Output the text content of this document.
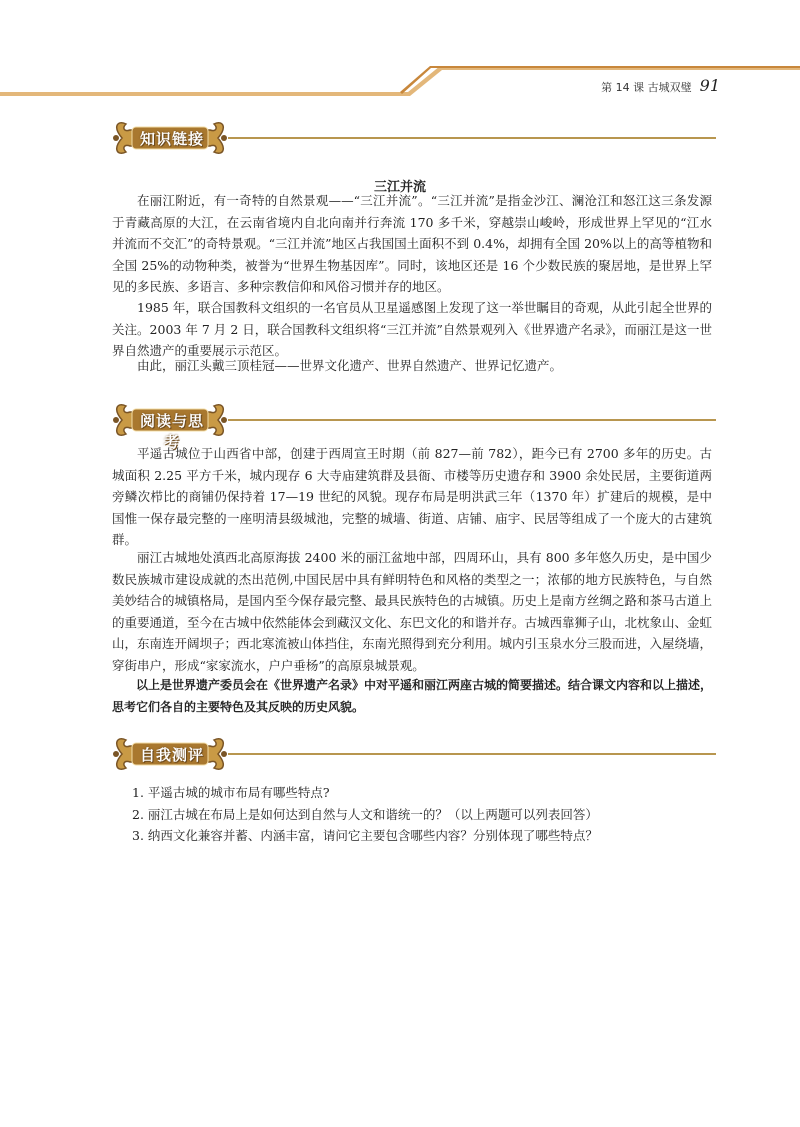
第 14 课 古城双璧 91
知识链接
三江并流

在丽江附近，有一奇特的自然景观——“三江并流”。“三江并流”是指金沙江、澜沧江和怒江这三条发源于青藏高原的大江，在云南省境内自北向南并行奔流 170 多千米，穿越崇山峻岭，形成世界上罕见的“江水并流而不交汇”的奇特景观。“三江并流”地区占我国国土面积不到 0.4%，却拥有全国 20%以上的高等植物和全国 25%的动物种类，被誉为“世界生物基因库”。同时，该地区还是 16 个少数民族的聚居地，是世界上罕见的多民族、多语言、多种宗教信仰和风俗习惯并存的地区。

1985 年，联合国教科文组织的一名官员从卫星遥感图上发现了这一举世瞩目的奇观，从此引起全世界的关注。2003 年 7 月 2 日，联合国教科文组织将“三江并流”自然景观列入《世界遗产名录》，而丽江是这一世界自然遗产的重要展示示范区。

由此，丽江头戴三顶桂冠——世界文化遗产、世界自然遗产、世界记忆遗产。

阅读与思考

平遥古城位于山西省中部，创建于西周宣王时期（前 827—前 782），距今已有 2700 多年的历史。古城面积 2.25 平方千米，城内现存 6 大寺庙建筑群及县衙、市楼等历史遗存和 3900 余处民居，主要街道两旁鳞次栉比的商铺仍保持着 17—19 世纪的风貌。现存布局是明洪武三年（1370 年）扩建后的规模，是中国惟一保存最完整的一座明清县级城池，完整的城墙、街道、店铺、庙宇、民居等组成了一个庞大的古建筑群。

丽江古城地处滇西北高原海拔 2400 米的丽江盆地中部，四周环山，具有 800 多年悠久历史，是中国少数民族城市建设成就的杰出范例,中国民居中具有鲜明特色和风格的类型之一；浓郁的地方民族特色，与自然美妙结合的城镇格局，是国内至今保存最完整、最具民族特色的古城镇。历史上是南方丝绸之路和茶马古道上的重要通道，至今在古城中依然能体会到藏汉文化、东巴文化的和谐并存。古城西靠狮子山，北枕象山、金虹山，东南连开阔坝子；西北寒流被山体挡住，东南光照得到充分利用。城内引玉泉水分三股而进，入屋绕墙，穿街串户，形成“家家流水，户户垂杨”的高原泉城景观。

以上是世界遗产委员会在《世界遗产名录》中对平遥和丽江两座古城的简要描述。结合课文内容和以上描述，思考它们各自的主要特色及其反映的历史风貌。

自我测评
1. 平遥古城的城市布局有哪些特点?
2. 丽江古城在布局上是如何达到自然与人文和谐统一的？（以上两题可以列表回答）
3. 纳西文化兼容并蓄、内涵丰富，请问它主要包含哪些内容？分别体现了哪些特点？
